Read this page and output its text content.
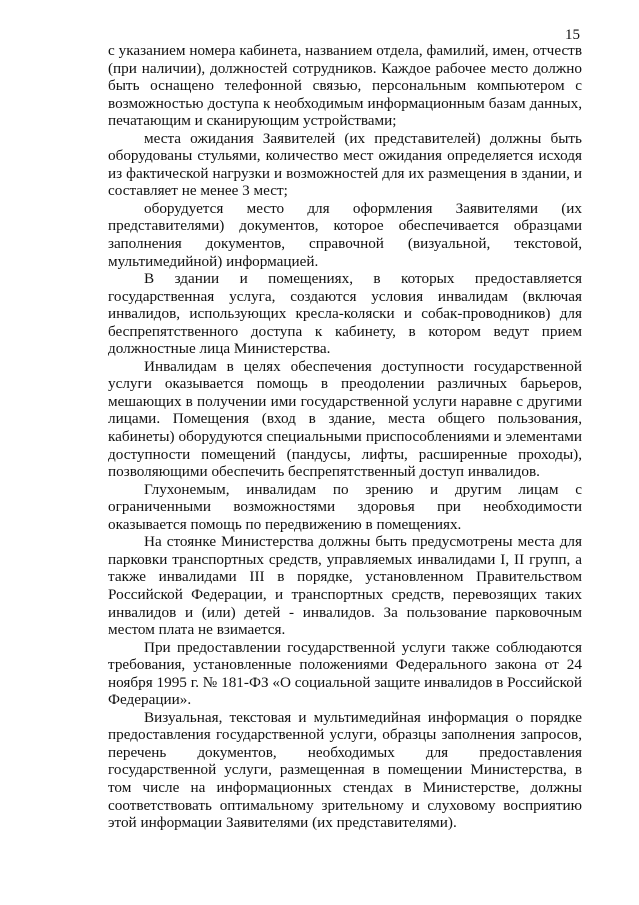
15

с указанием номера кабинета, названием отдела, фамилий, имен, отчеств (при наличии), должностей сотрудников. Каждое рабочее место должно быть оснащено телефонной связью, персональным компьютером с возможностью доступа к необходимым информационным базам данных, печатающим и сканирующим устройствами;

места ожидания Заявителей (их представителей) должны быть оборудованы стульями, количество мест ожидания определяется исходя из фактической нагрузки и возможностей для их размещения в здании, и составляет не менее 3 мест;

оборудуется место для оформления Заявителями (их представителями) документов, которое обеспечивается образцами заполнения документов, справочной (визуальной, текстовой, мультимедийной) информацией.

В здании и помещениях, в которых предоставляется государственная услуга, создаются условия инвалидам (включая инвалидов, использующих кресла-коляски и собак-проводников) для беспрепятственного доступа к кабинету, в котором ведут прием должностные лица Министерства.

Инвалидам в целях обеспечения доступности государственной услуги оказывается помощь в преодолении различных барьеров, мешающих в получении ими государственной услуги наравне с другими лицами. Помещения (вход в здание, места общего пользования, кабинеты) оборудуются специальными приспособлениями и элементами доступности помещений (пандусы, лифты, расширенные проходы), позволяющими обеспечить беспрепятственный доступ инвалидов.

Глухонемым, инвалидам по зрению и другим лицам с ограниченными возможностями здоровья при необходимости оказывается помощь по передвижению в помещениях.

На стоянке Министерства должны быть предусмотрены места для парковки транспортных средств, управляемых инвалидами I, II групп, а также инвалидами III в порядке, установленном Правительством Российской Федерации, и транспортных средств, перевозящих таких инвалидов и (или) детей - инвалидов. За пользование парковочным местом плата не взимается.

При предоставлении государственной услуги также соблюдаются требования, установленные положениями Федерального закона от 24 ноября 1995 г. № 181-ФЗ «О социальной защите инвалидов в Российской Федерации».

Визуальная, текстовая и мультимедийная информация о порядке предоставления государственной услуги, образцы заполнения запросов, перечень документов, необходимых для предоставления государственной услуги, размещенная в помещении Министерства, в том числе на информационных стендах в Министерстве, должны соответствовать оптимальному зрительному и слуховому восприятию этой информации Заявителями (их представителями).
